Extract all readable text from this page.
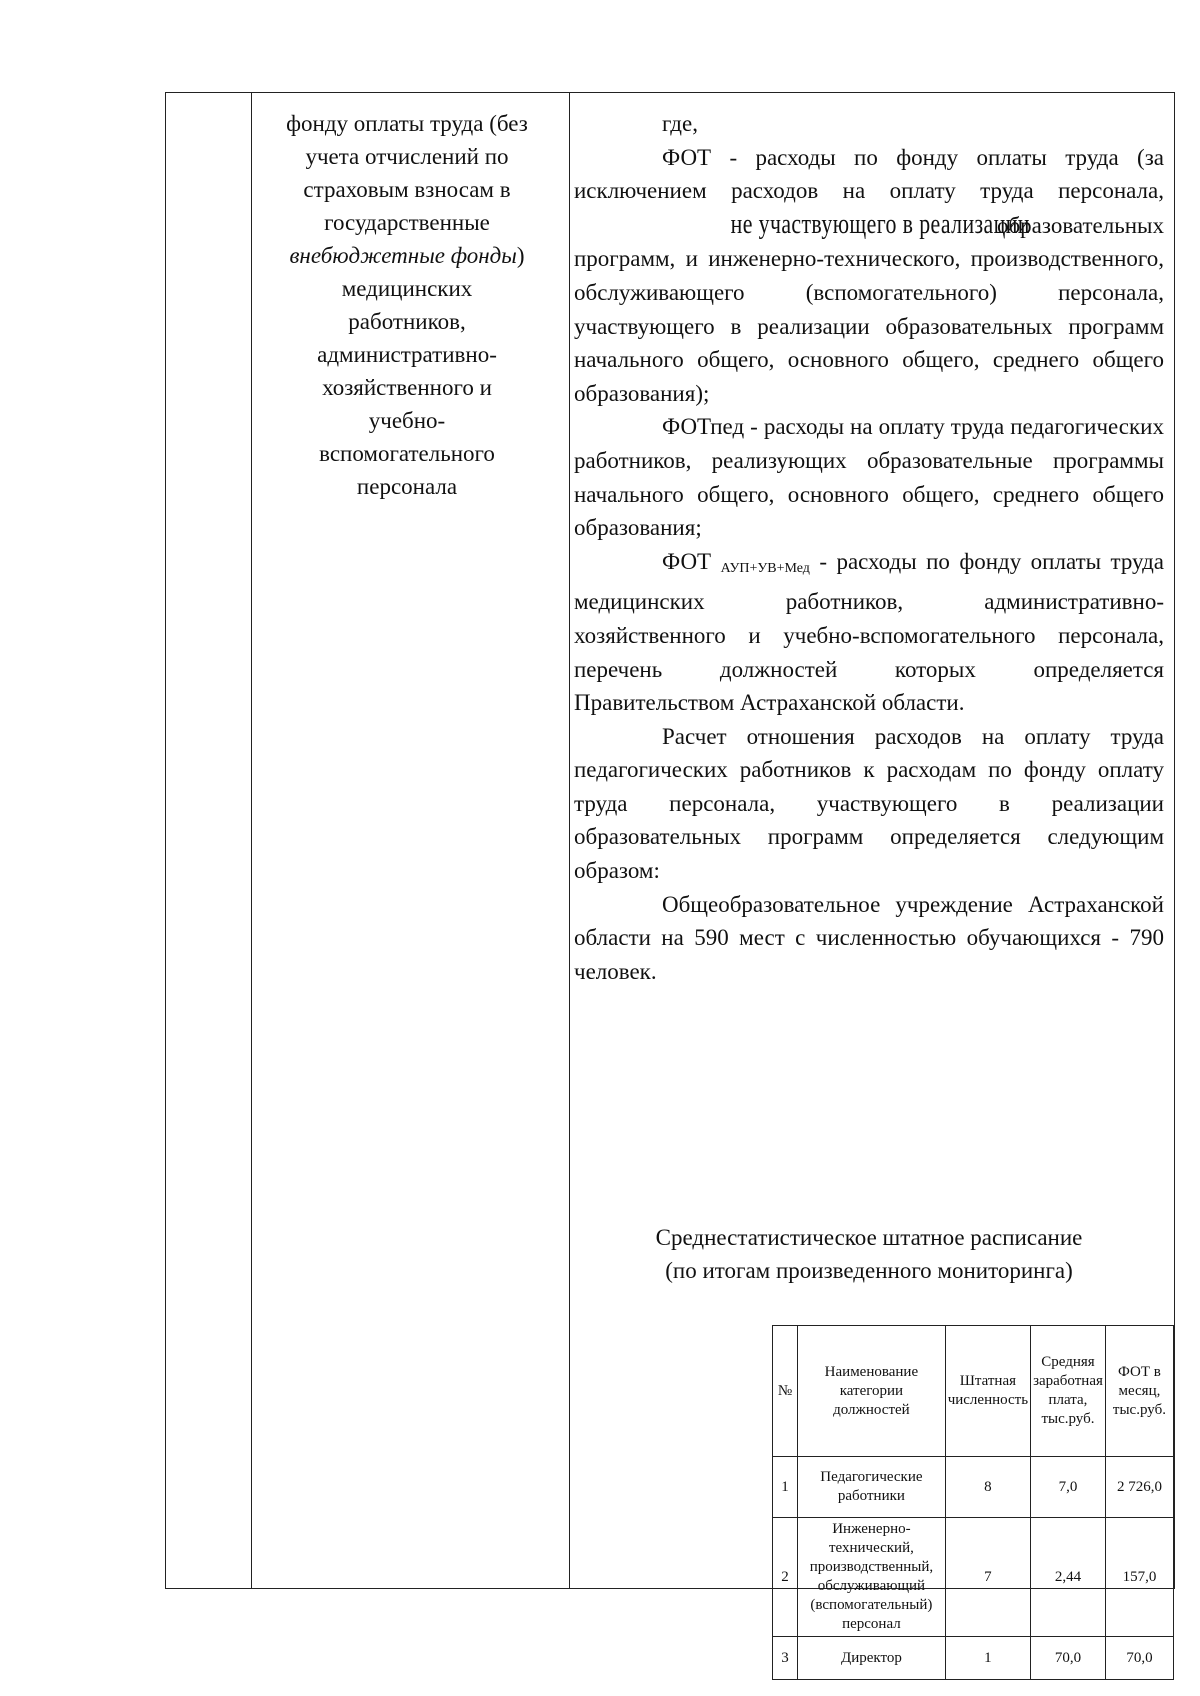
фонду оплаты труда (без
учета отчислений по
страховым взносам в
государственные
внебюджетные фонды)
медицинских
работников,
административно-
хозяйственного и
учебно-
вспомогательного
персонала

где,

ФОТ - расходы по фонду оплаты труда (за исключением расходов на оплату труда персонала, не участвующего в реализации образовательных программ, и инженерно-технического, производственного, обслуживающего (вспомогательного) персонала, участвующего в реализации образовательных программ начального общего, основного общего, среднего общего образования);

ФОТпед - расходы на оплату труда педагогических работников, реализующих образовательные программы начального общего, основного общего, среднего общего образования;

ФОТ АУП+УВ+Мед - расходы по фонду оплаты труда медицинских работников, административно-хозяйственного и учебно-вспомогательного персонала, перечень должностей которых определяется Правительством Астраханской области.

Расчет отношения расходов на оплату труда педагогических работников к расходам по фонду оплату труда персонала, участвующего в реализации образовательных программ определяется следующим образом:

Общеобразовательное учреждение Астраханской области на 590 мест с численностью обучающихся - 790 человек.

Среднестатистическое штатное расписание
(по итогам произведенного мониторинга)
№	Наименование категории должностей	Штатная численность	Средняя заработная плата, тыс.руб.	ФОТ в месяц, тыс.руб.
1	Педагогические работники	8	7,0	2 726,0
2	Инженерно- технический, производственный, обслуживающий (вспомогательный) персонал	7	2,44	157,0
3	Директор	1	70,0	70,0
